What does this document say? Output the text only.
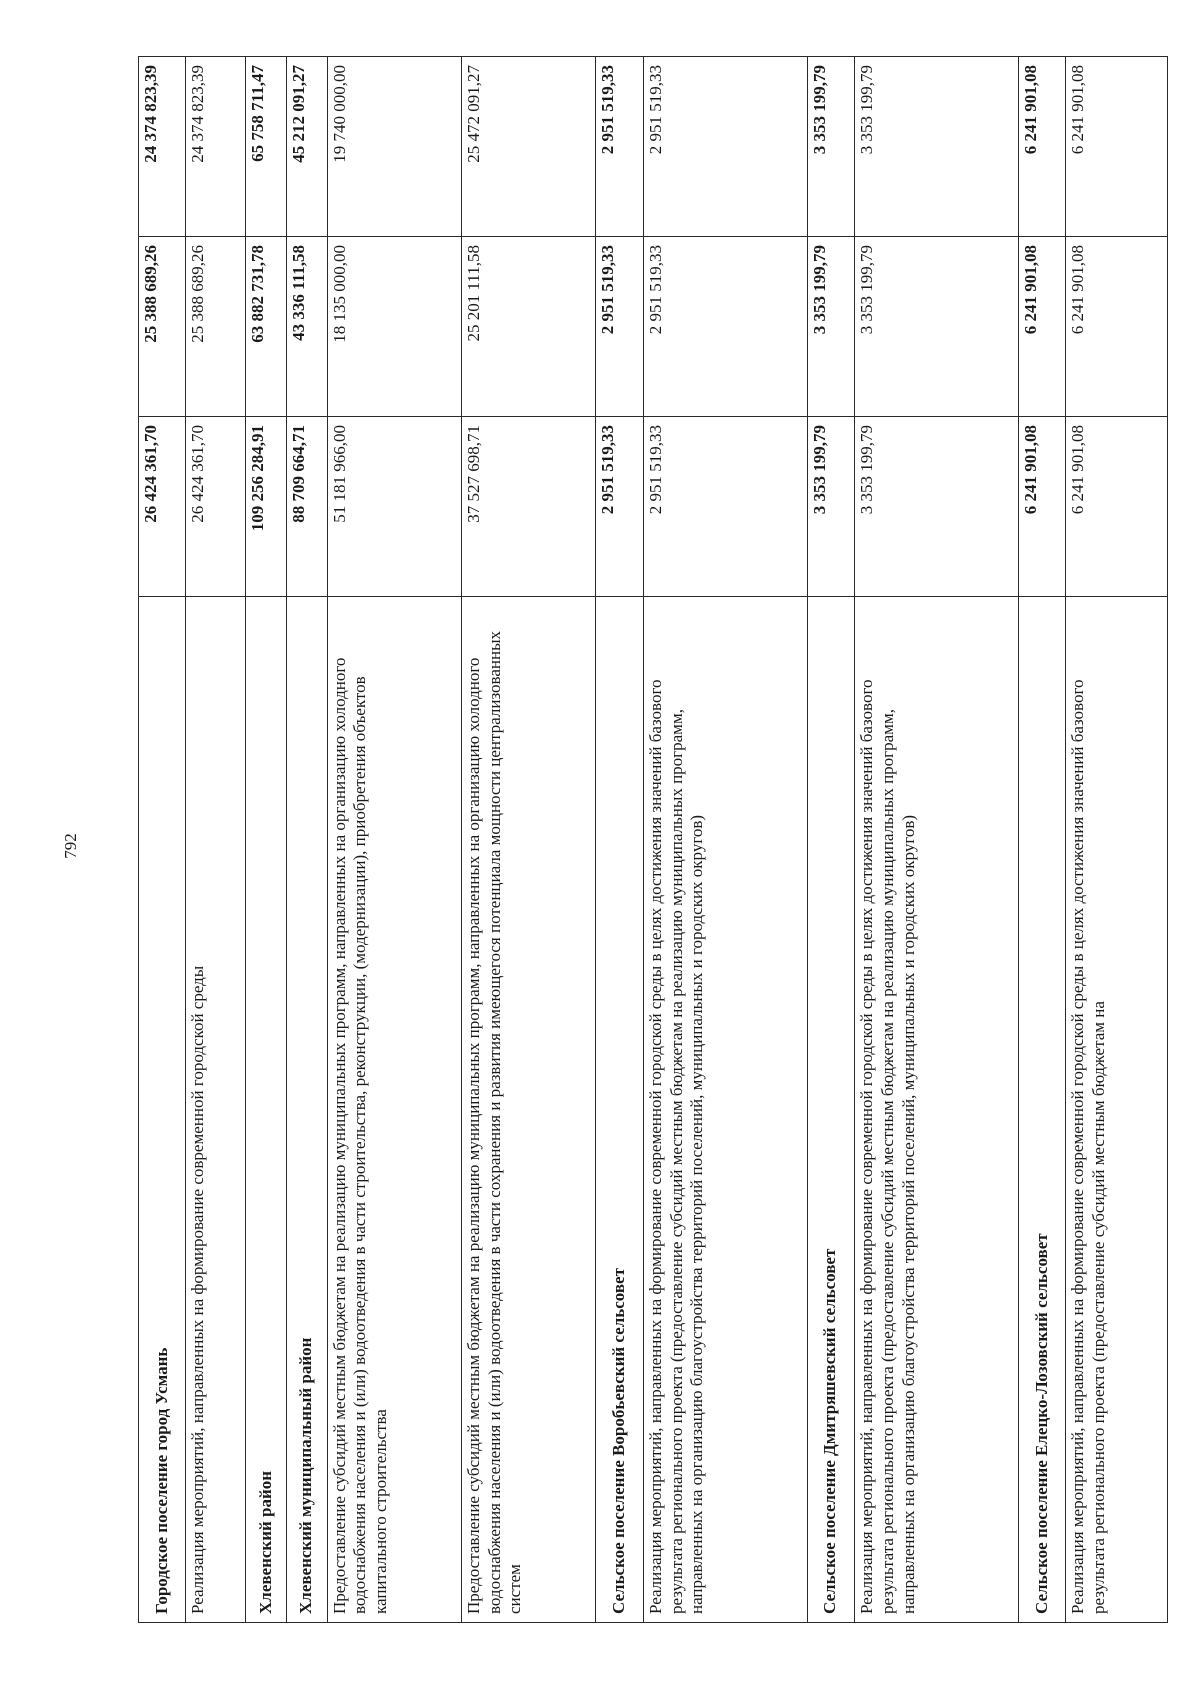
792
Городское поселение город Усмань	26 424 361,70	25 388 689,26	24 374 823,39
Реализация мероприятий, направленных на формирование современной городской среды	26 424 361,70	25 388 689,26	24 374 823,39
Хлевенский район	109 256 284,91	63 882 731,78	65 758 711,47
Хлевенский муниципальный район	88 709 664,71	43 336 111,58	45 212 091,27
Предоставление субсидий местным бюджетам на реализацию муниципальных программ, направленных на организацию холодного водоснабжения населения и (или) водоотведения в части строительства, реконструкции, (модернизации), приобретения объектов капитального строительства	51 181 966,00	18 135 000,00	19 740 000,00
Предоставление субсидий местным бюджетам на реализацию муниципальных программ, направленных на организацию холодного водоснабжения населения и (или) водоотведения в части сохранения и развития имеющегося потенциала мощности централизованных систем	37 527 698,71	25 201 111,58	25 472 091,27
Сельское поселение Воробьевский сельсовет	2 951 519,33	2 951 519,33	2 951 519,33
Реализация мероприятий, направленных на формирование современной городской среды в целях достижения значений базового результата регионального проекта (предоставление субсидий местным бюджетам на реализацию муниципальных программ, направленных на организацию благоустройства территорий поселений, муниципальных и городских округов)	2 951 519,33	2 951 519,33	2 951 519,33
Сельское поселение Дмитряшевский сельсовет	3 353 199,79	3 353 199,79	3 353 199,79
Реализация мероприятий, направленных на формирование современной городской среды в целях достижения значений базового результата регионального проекта (предоставление субсидий местным бюджетам на реализацию муниципальных программ, направленных на организацию благоустройства территорий поселений, муниципальных и городских округов)	3 353 199,79	3 353 199,79	3 353 199,79
Сельское поселение Елецко-Лозовский сельсовет	6 241 901,08	6 241 901,08	6 241 901,08
Реализация мероприятий, направленных на формирование современной городской среды в целях достижения значений базового результата регионального проекта (предоставление субсидий местным бюджетам на	6 241 901,08	6 241 901,08	6 241 901,08
